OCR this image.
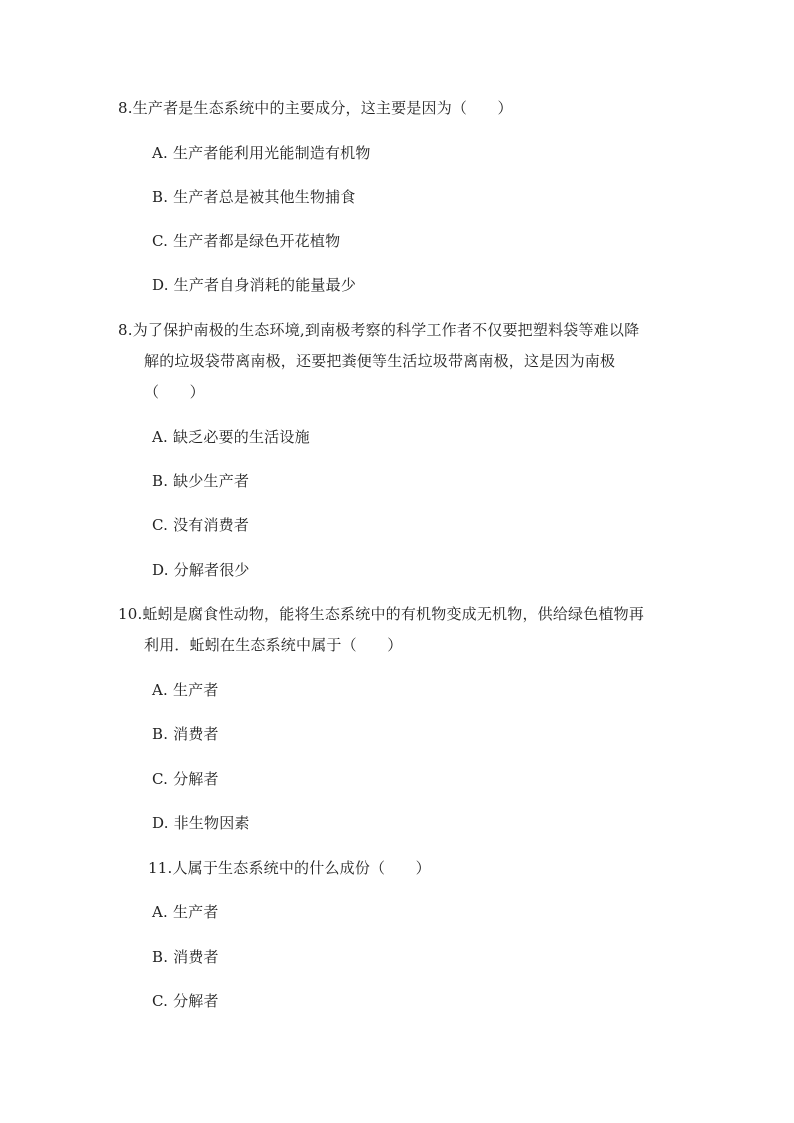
8.生产者是生态系统中的主要成分，这主要是因为（　　）
A. 生产者能利用光能制造有机物
B. 生产者总是被其他生物捕食
C. 生产者都是绿色开花植物
D. 生产者自身消耗的能量最少
8.为了保护南极的生态环境,到南极考察的科学工作者不仅要把塑料袋等难以降
解的垃圾袋带离南极，还要把粪便等生活垃圾带离南极，这是因为南极
（　　）
A. 缺乏必要的生活设施
B. 缺少生产者
C. 没有消费者
D. 分解者很少
10.蚯蚓是腐食性动物，能将生态系统中的有机物变成无机物，供给绿色植物再
利用．蚯蚓在生态系统中属于（　　）
A. 生产者
B. 消费者
C. 分解者
D. 非生物因素
11.人属于生态系统中的什么成份（　　）
A. 生产者
B. 消费者
C. 分解者
